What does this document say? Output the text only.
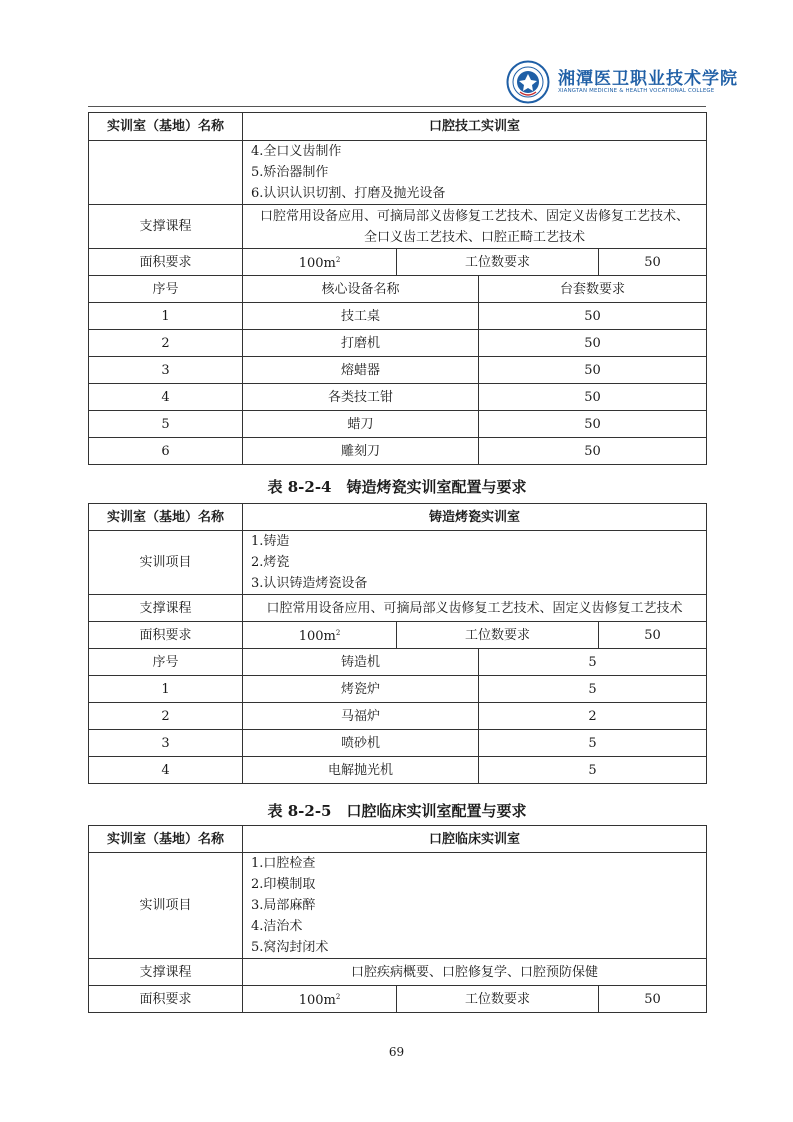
湘潭医卫职业技术学院
XIANGTAN MEDICINE & HEALTH VOCATIONAL COLLEGE
实训室（基地）名称	口腔技工实训室			

	4.全口义齿制作
5.矫治器制作
6.认识认识切割、打磨及抛光设备			

支撑课程	口腔常用设备应用、可摘局部义齿修复工艺技术、固定义齿修复工艺技术、
全口义齿工艺技术、口腔正畸工艺技术			

面积要求	$100m^2$	工位数要求		50
序号	核心设备名称		台套数要求	
1	技工桌		50	
2	打磨机		50	
3	熔蜡器		50	
4	各类技工钳		50	
5	蜡刀		50	
6	雕刻刀		50	
表 8-2-4　铸造烤瓷实训室配置与要求
实训室（基地）名称	铸造烤瓷实训室			
实训项目	1.铸造
2.烤瓷
3.认识铸造烤瓷设备			

支撑课程	口腔常用设备应用、可摘局部义齿修复工艺技术、固定义齿修复工艺技术			
面积要求	$100m^2$	工位数要求		50
序号	铸造机		5	
1	烤瓷炉		5	
2	马福炉		2	
3	喷砂机		5	
4	电解抛光机		5	
表 8-2-5　口腔临床实训室配置与要求
实训室（基地）名称	口腔临床实训室		
实训项目	1.口腔检查
2.印模制取
3.局部麻醉
4.洁治术
5.窝沟封闭术		

支撑课程	口腔疾病概要、口腔修复学、口腔预防保健		
面积要求	$100m^2$	工位数要求	50
69
